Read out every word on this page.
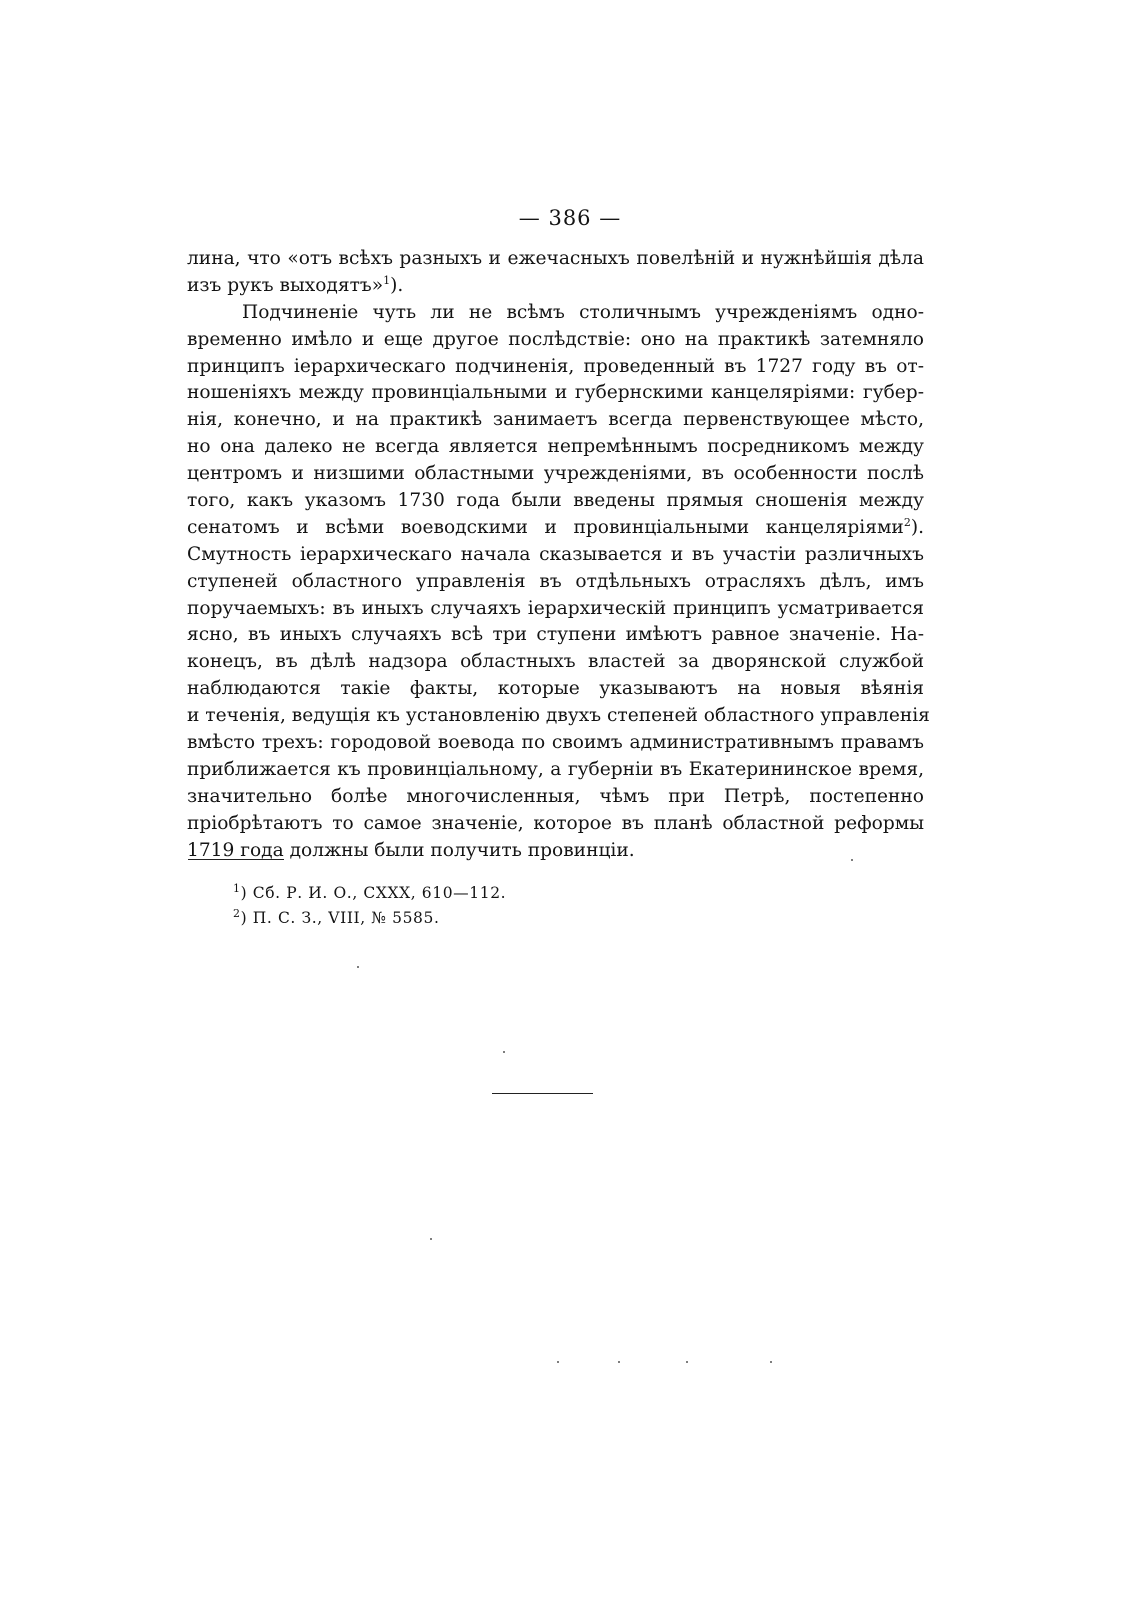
— 386 —
лина, что «отъ всѣхъ разныхъ и ежечасныхъ повелѣнiй и нужнѣйшiя дѣла
изъ рукъ выходятъ»$^1$).
Подчиненiе чуть ли не всѣмъ столичнымъ учрежденiямъ одно-
временно имѣло и еще другое послѣдствiе: оно на практикѣ затемняло
принципъ iерархическаго подчиненiя, проведенный въ 1727 году въ от-
ношенiяхъ между провинцiальными и губернскими канцелярiями: губер-
нiя, конечно, и на практикѣ занимаетъ всегда первенствующее мѣсто,
но она далеко не всегда является непремѣннымъ посредникомъ между
центромъ и низшими областными учрежденiями, въ особенности послѣ
того, какъ указомъ 1730 года были введены прямыя сношенiя между
сенатомъ и всѣми воеводскими и провинцiальными канцелярiями$^2$).
Смутность iерархическаго начала сказывается и въ участiи различныхъ
ступеней областного управленiя въ отдѣльныхъ отрасляхъ дѣлъ, имъ
поручаемыхъ: въ иныхъ случаяхъ iерархическiй принципъ усматривается
ясно, въ иныхъ случаяхъ всѣ три ступени имѣютъ равное значенiе. На-
конецъ, въ дѣлѣ надзора областныхъ властей за дворянской службой
наблюдаются такiе факты, которые указываютъ на новыя вѣянiя
и теченiя, ведущiя къ установленiю двухъ степеней областного управленiя
вмѣсто трехъ: городовой воевода по своимъ административнымъ правамъ
приближается къ провинцiальному, а губернiи въ Екатерининское время,
значительно болѣе многочисленныя, чѣмъ при Петрѣ, постепенно
прiобрѣтаютъ то самое значенiе, которое въ планѣ областной реформы
1719 года должны были получить провинцiи.
$^1$) Сб. Р. И. О., CXXX, 610—112.
$^2$) П. С. З., VIII, № 5585.
